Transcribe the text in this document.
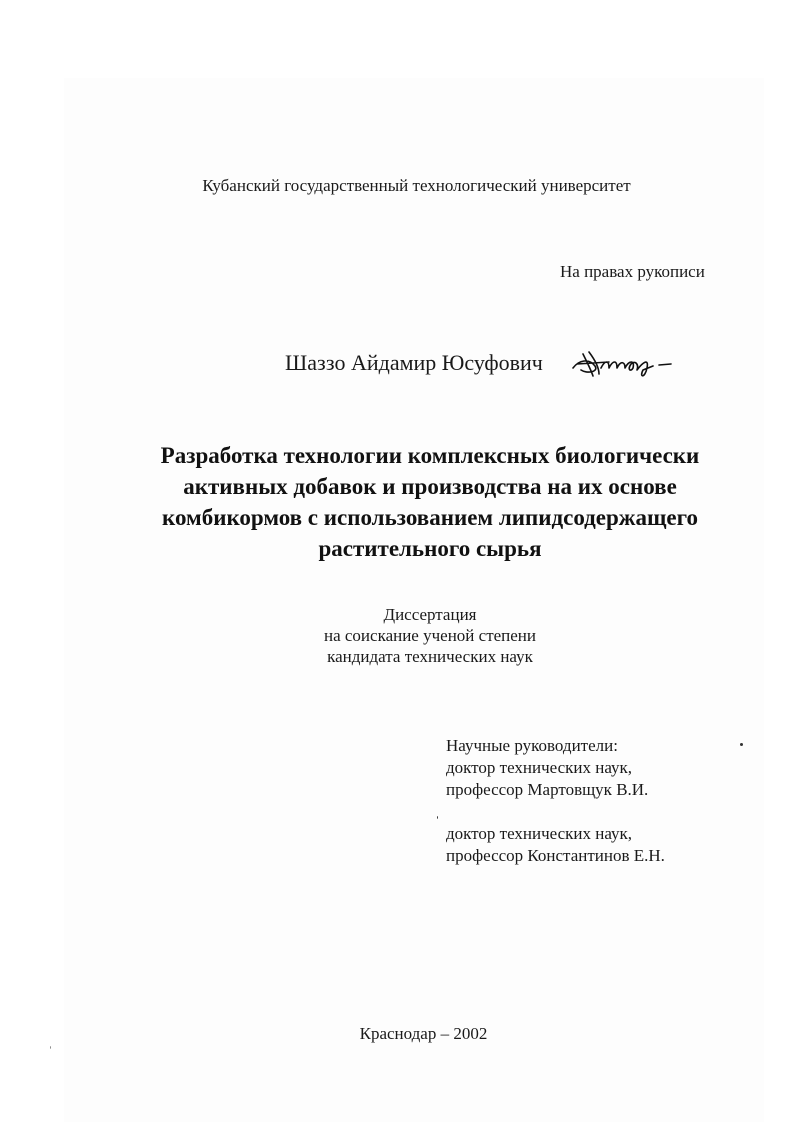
Кубанский государственный технологический университет
На правах рукописи
Шаззо Айдамир Юсуфович
Разработка технологии комплексных биологически
активных добавок и производства на их основе
комбикормов с использованием липидсодержащего
растительного сырья
Диссертация
на соискание ученой степени
кандидата технических наук
Научные руководители:
доктор технических наук,
профессор Мартовщук В.И.
доктор технических наук,
профессор Константинов Е.Н.
Краснодар – 2002
